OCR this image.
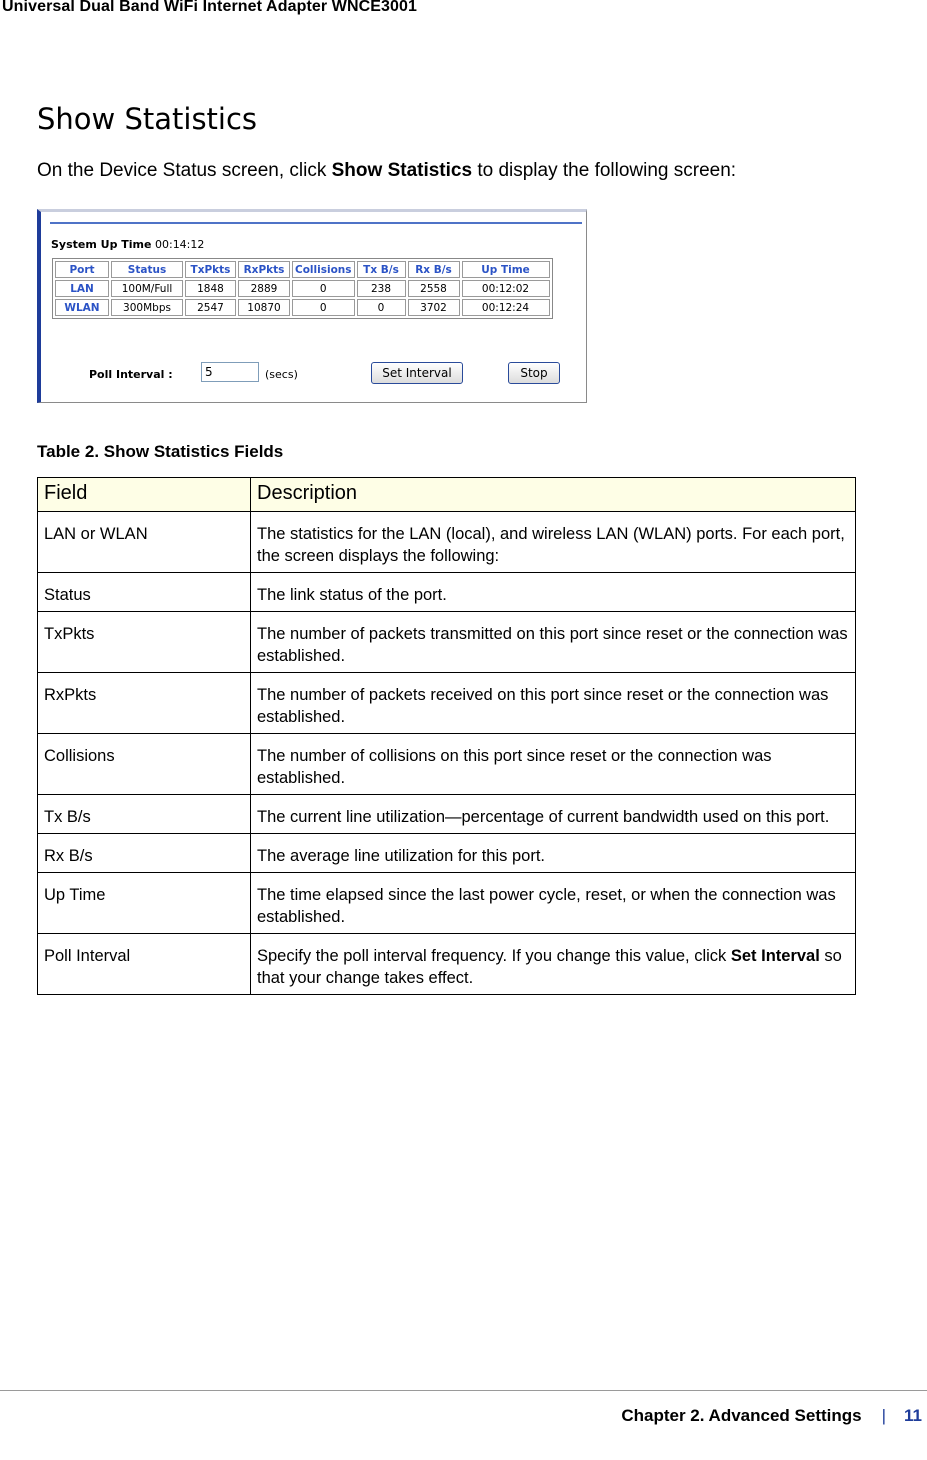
Universal Dual Band WiFi Internet Adapter WNCE3001
Show Statistics
On the Device Status screen, click Show Statistics to display the following screen:
System Up Time 00:14:12
Port	Status	TxPkts	RxPkts	Collisions	Tx B/s	Rx B/s	Up Time
LAN	100M/Full	1848	2889	0	238	2558	00:12:02
WLAN	300Mbps	2547	10870	0	0	3702	00:12:24
Poll Interval :	5	(secs)	Set Interval	Stop
Table 2. Show Statistics Fields
Field	Description
LAN or WLAN	The statistics for the LAN (local), and wireless LAN (WLAN) ports. For each port, the screen displays the following:
Status	The link status of the port.
TxPkts	The number of packets transmitted on this port since reset or the connection was established.
RxPkts	The number of packets received on this port since reset or the connection was established.
Collisions	The number of collisions on this port since reset or the connection was established.
Tx B/s	The current line utilization—percentage of current bandwidth used on this port.
Rx B/s	The average line utilization for this port.
Up Time	The time elapsed since the last power cycle, reset, or when the connection was established.
Poll Interval	Specify the poll interval frequency. If you change this value, click Set Interval so that your change takes effect.
Chapter 2. Advanced Settings | 11
